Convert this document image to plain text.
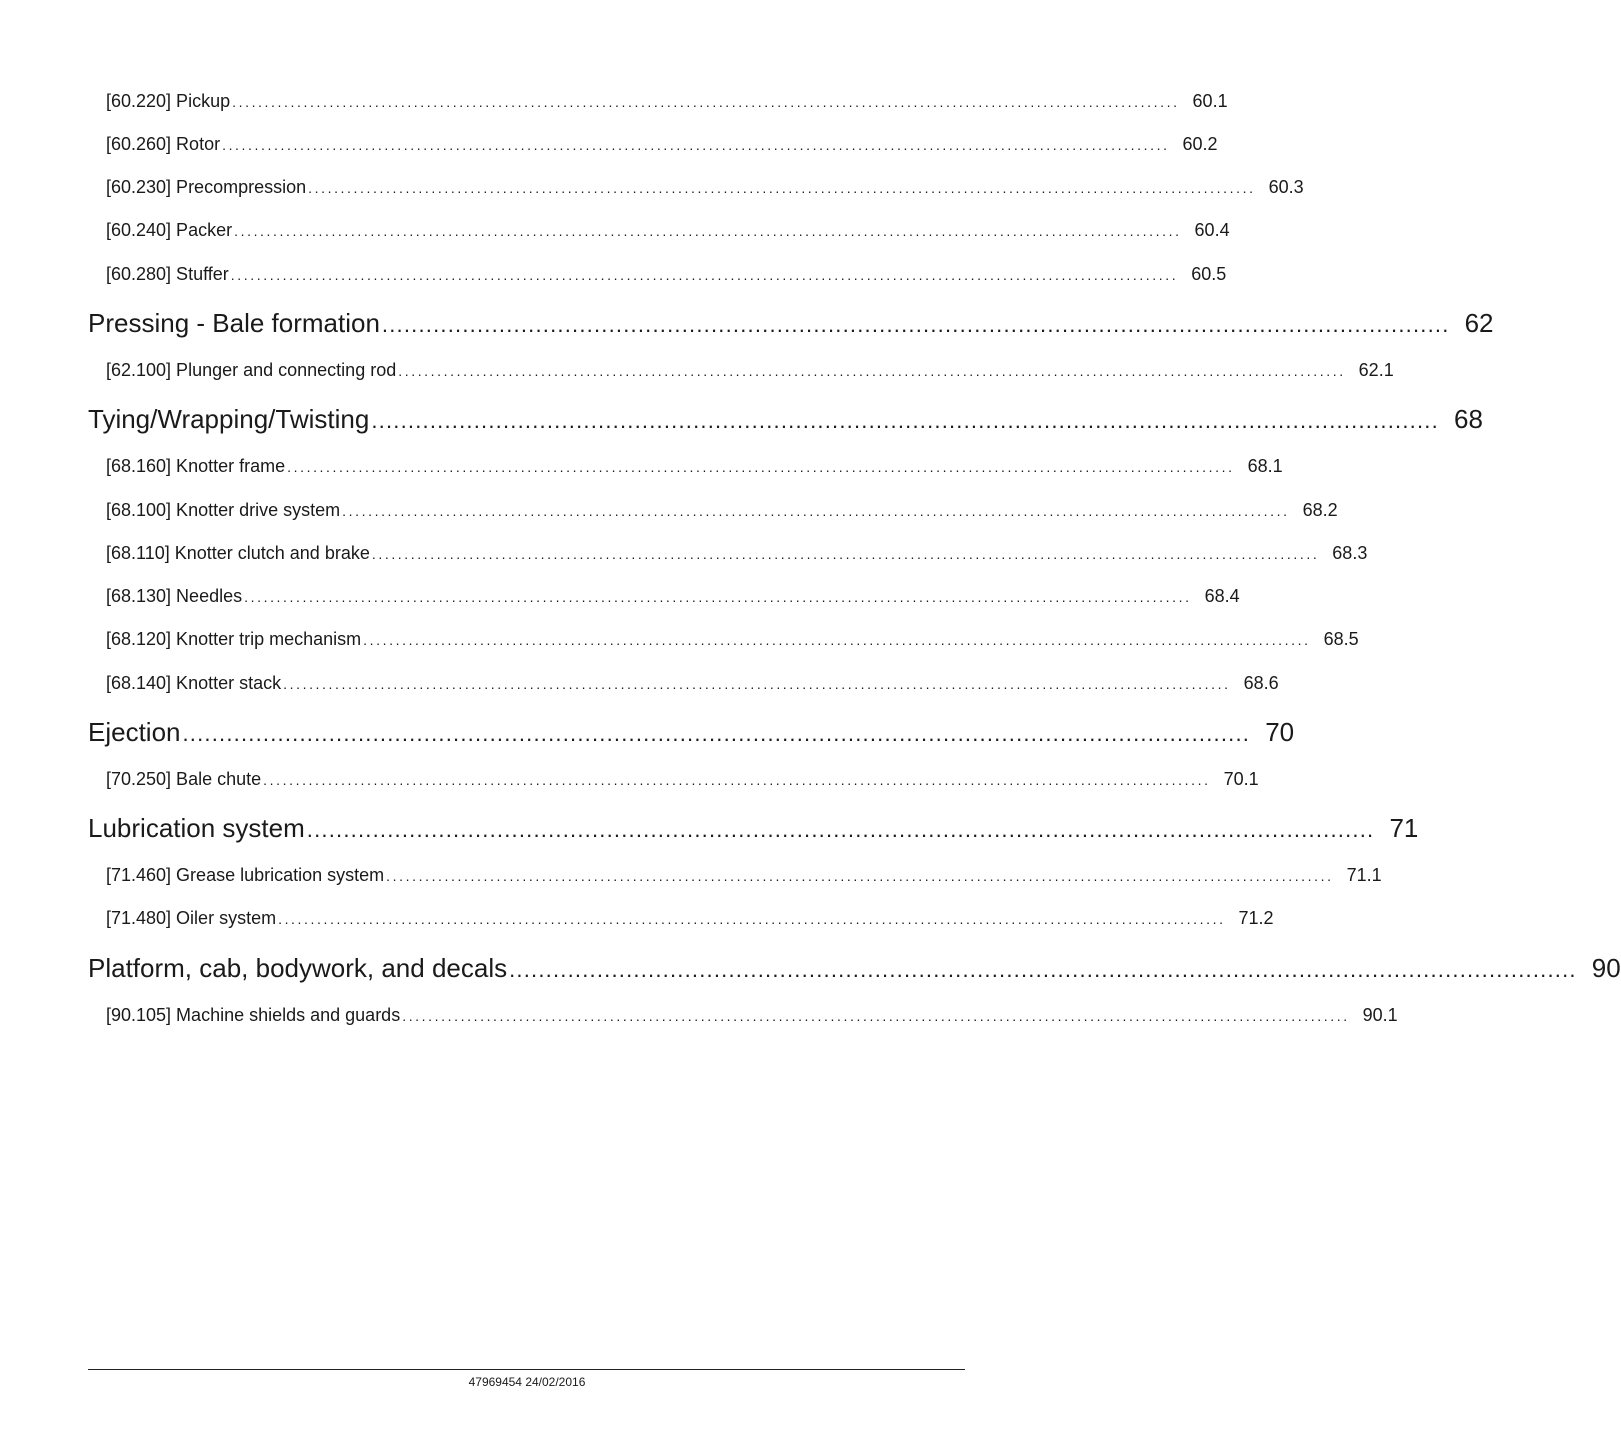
[60.220] Pickup .................................................................................................................................................. 60.1
[60.260] Rotor .................................................................................................................................................. 60.2
[60.230] Precompression .................................................................................................................................................. 60.3
[60.240] Packer .................................................................................................................................................. 60.4
[60.280] Stuffer .................................................................................................................................................. 60.5
Pressing - Bale formation .................................................................................................................................................. 62
[62.100] Plunger and connecting rod .................................................................................................................................................. 62.1
Tying/Wrapping/Twisting .................................................................................................................................................. 68
[68.160] Knotter frame .................................................................................................................................................. 68.1
[68.100] Knotter drive system .................................................................................................................................................. 68.2
[68.110] Knotter clutch and brake .................................................................................................................................................. 68.3
[68.130] Needles .................................................................................................................................................. 68.4
[68.120] Knotter trip mechanism .................................................................................................................................................. 68.5
[68.140] Knotter stack .................................................................................................................................................. 68.6
Ejection .................................................................................................................................................. 70
[70.250] Bale chute .................................................................................................................................................. 70.1
Lubrication system .................................................................................................................................................. 71
[71.460] Grease lubrication system .................................................................................................................................................. 71.1
[71.480] Oiler system .................................................................................................................................................. 71.2
Platform, cab, bodywork, and decals .................................................................................................................................................. 90
[90.105] Machine shields and guards .................................................................................................................................................. 90.1
47969454 24/02/2016
